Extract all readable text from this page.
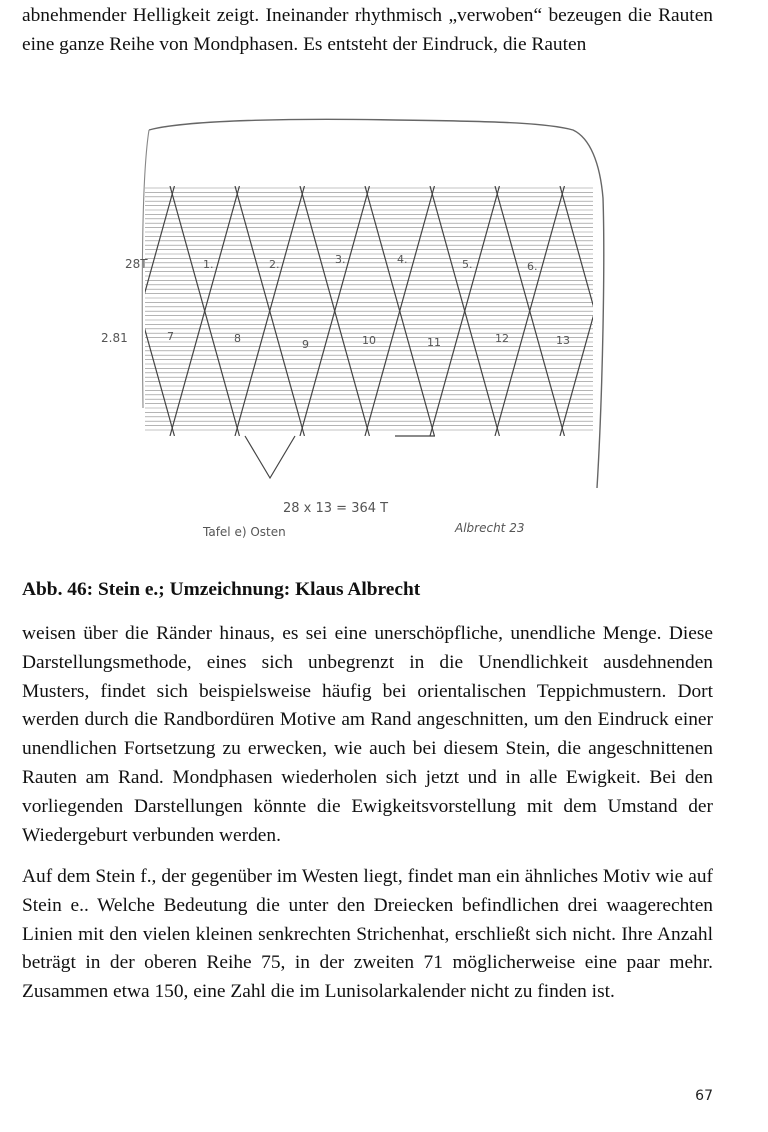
abnehmender Helligkeit zeigt. Ineinander rhythmisch „verwoben“ bezeugen die Rauten eine ganze Reihe von Mondphasen. Es entsteht der Eindruck, die Rauten

28T
2.81
1.	2.	3.	4.	5.	6.
7	8	9	10	11	12	13
28 x 13 = 364 T
Tafel e) Osten	Albrecht 23

Abb. 46: Stein e.; Umzeichnung: Klaus Albrecht

weisen über die Ränder hinaus, es sei eine unerschöpfliche, unendliche Menge. Diese Darstellungsmethode, eines sich unbegrenzt in die Unendlichkeit ausdehnenden Musters, findet sich beispielsweise häufig bei orientalischen Teppichmustern. Dort werden durch die Randbordüren Motive am Rand angeschnitten, um den Eindruck einer unendlichen Fortsetzung zu erwecken, wie auch bei diesem Stein, die angeschnittenen Rauten am Rand. Mondphasen wiederholen sich jetzt und in alle Ewigkeit. Bei den vorliegenden Darstellungen könnte die Ewigkeitsvorstellung mit dem Umstand der Wiedergeburt verbunden werden.

Auf dem Stein f., der gegenüber im Westen liegt, findet man ein ähnliches Motiv wie auf Stein e.. Welche Bedeutung die unter den Dreiecken befindlichen drei waagerechten Linien mit den vielen kleinen senkrechten Strichenhat, erschließt sich nicht. Ihre Anzahl beträgt in der oberen Reihe 75, in der zweiten 71 möglicherweise eine paar mehr. Zusammen etwa 150, eine Zahl die im Lunisolarkalender nicht zu finden ist.

67
